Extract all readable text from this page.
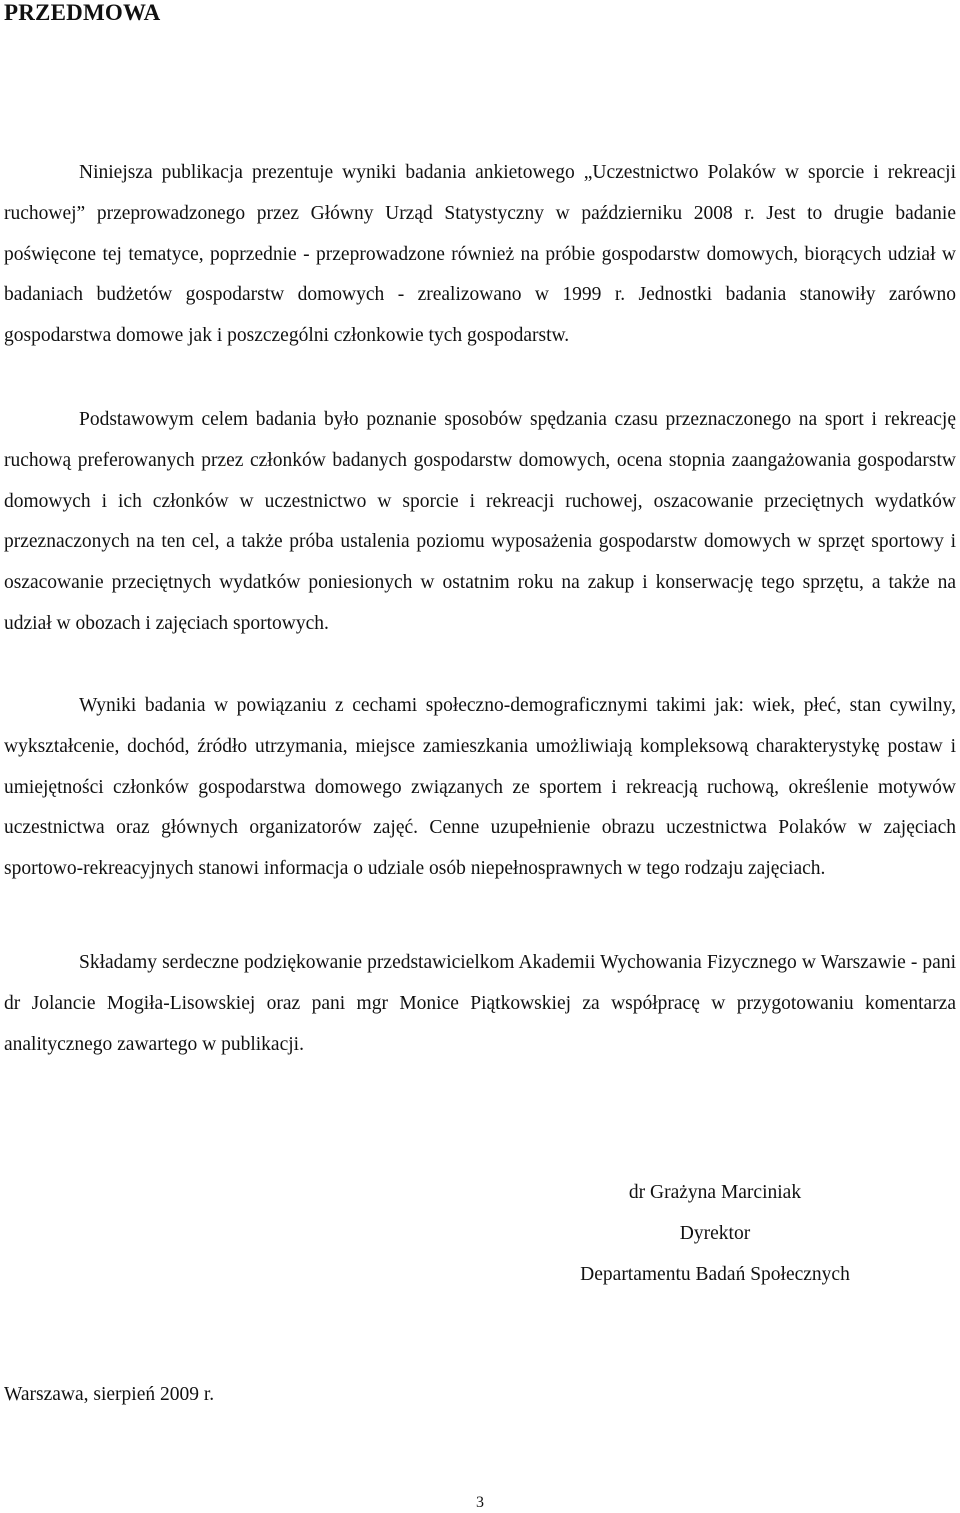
PRZEDMOWA

Niniejsza publikacja prezentuje wyniki badania ankietowego „Uczestnictwo Polaków w sporcie i rekreacji ruchowej” przeprowadzonego przez Główny Urząd Statystyczny w październiku 2008 r. Jest to drugie badanie poświęcone tej tematyce, poprzednie - przeprowadzone również na próbie gospodarstw domowych, biorących udział w badaniach budżetów gospodarstw domowych - zrealizowano w 1999 r. Jednostki badania stanowiły zarówno gospodarstwa domowe jak i poszczególni członkowie tych gospodarstw.

Podstawowym celem badania było poznanie sposobów spędzania czasu przeznaczonego na sport i rekreację ruchową preferowanych przez członków badanych gospodarstw domowych, ocena stopnia zaangażowania gospodarstw domowych i ich członków w uczestnictwo w sporcie i rekreacji ruchowej, oszacowanie przeciętnych wydatków przeznaczonych na ten cel, a także próba ustalenia poziomu wyposażenia gospodarstw domowych w sprzęt sportowy i oszacowanie przeciętnych wydatków poniesionych w ostatnim roku na zakup i konserwację tego sprzętu, a także na udział w obozach i zajęciach sportowych.

Wyniki badania w powiązaniu z cechami społeczno-demograficznymi takimi jak: wiek, płeć, stan cywilny, wykształcenie, dochód, źródło utrzymania, miejsce zamieszkania umożliwiają kompleksową charakterystykę postaw i umiejętności członków gospodarstwa domowego związanych ze sportem i rekreacją ruchową, określenie motywów uczestnictwa oraz głównych organizatorów zajęć. Cenne uzupełnienie obrazu uczestnictwa Polaków w zajęciach sportowo-rekreacyjnych stanowi informacja o udziale osób niepełnosprawnych w tego rodzaju zajęciach.

Składamy serdeczne podziękowanie przedstawicielkom Akademii Wychowania Fizycznego w Warszawie - pani dr Jolancie Mogiła-Lisowskiej oraz pani mgr Monice Piątkowskiej za współpracę w przygotowaniu komentarza analitycznego zawartego w publikacji.

dr Grażyna Marciniak
Dyrektor
Departamentu Badań Społecznych
Warszawa, sierpień 2009 r.
3
